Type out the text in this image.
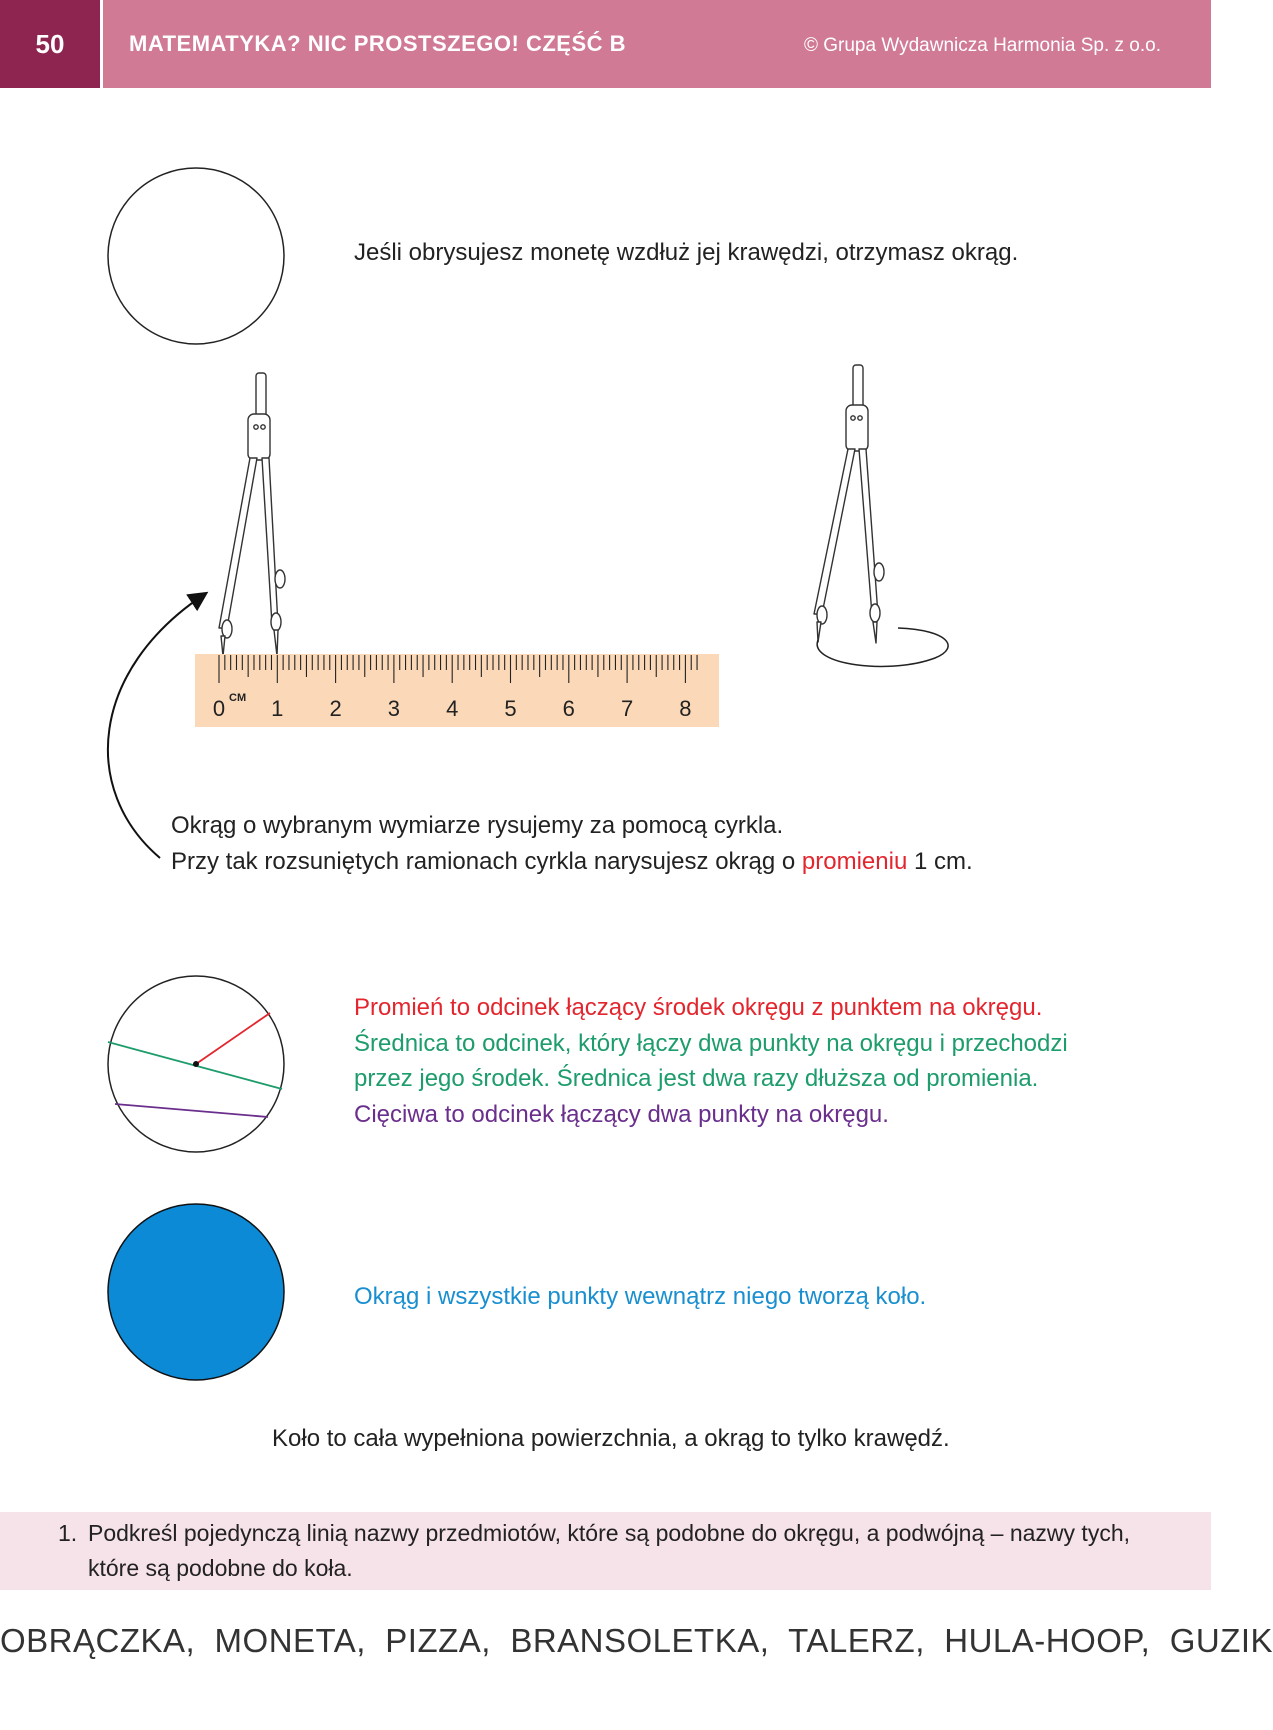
50	MATEMATYKA? NIC PROSTSZEGO! CZĘŚĆ B	© Grupa Wydawnicza Harmonia Sp. z o.o.
0 1 2 3 4 5 6 7 8
CM
Jeśli obrysujesz monetę wzdłuż jej krawędzi, otrzymasz okrąg.
Okrąg o wybranym wymiarze rysujemy za pomocą cyrkla.
Przy tak rozsuniętych ramionach cyrkla narysujesz okrąg o promieniu 1 cm.
Promień to odcinek łączący środek okręgu z punktem na okręgu.
Średnica to odcinek, który łączy dwa punkty na okręgu i przechodzi
przez jego środek. Średnica jest dwa razy dłuższa od promienia.
Cięciwa to odcinek łączący dwa punkty na okręgu.
Okrąg i wszystkie punkty wewnątrz niego tworzą koło.
Koło to cała wypełniona powierzchnia, a okrąg to tylko krawędź.
1. Podkreśl pojedynczą linią nazwy przedmiotów, które są podobne do okręgu, a podwójną – nazwy tych, które są podobne do koła.
OBRĄCZKA, MONETA, PIZZA, BRANSOLETKA, TALERZ, HULA-HOOP, GUZIK
